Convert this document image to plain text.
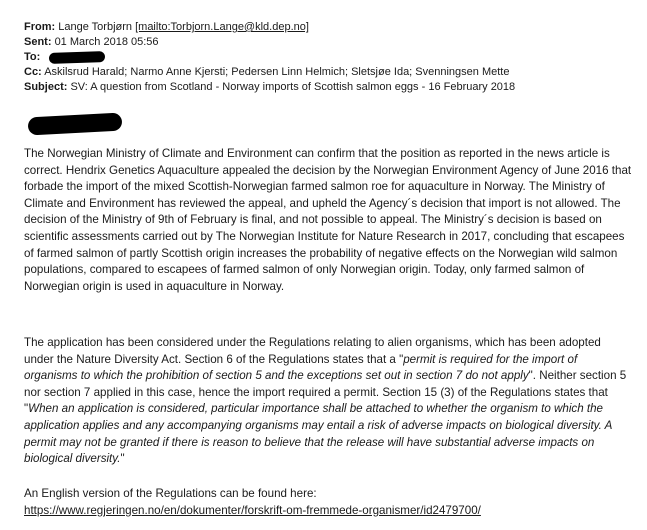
From: Lange Torbjørn [mailto:Torbjorn.Lange@kld.dep.no]
Sent: 01 March 2018 05:56
To:
Cc: Askilsrud Harald; Narmo Anne Kjersti; Pedersen Linn Helmich; Sletsjøe Ida; Svenningsen Mette
Subject: SV: A question from Scotland - Norway imports of Scottish salmon eggs - 16 February 2018

The Norwegian Ministry of Climate and Environment can confirm that the position as reported in the news article is correct. Hendrix Genetics Aquaculture appealed the decision by the Norwegian Environment Agency of June 2016 that forbade the import of the mixed Scottish-Norwegian farmed salmon roe for aquaculture in Norway. The Ministry of Climate and Environment has reviewed the appeal, and upheld the Agency´s decision that import is not allowed. The decision of the Ministry of 9th of February is final, and not possible to appeal. The Ministry´s decision is based on scientific assessments carried out by The Norwegian Institute for Nature Research in 2017, concluding that escapees of farmed salmon of partly Scottish origin increases the probability of negative effects on the Norwegian wild salmon populations, compared to escapees of farmed salmon of only Norwegian origin. Today, only farmed salmon of Norwegian origin is used in aquaculture in Norway.

The application has been considered under the Regulations relating to alien organisms, which has been adopted under the Nature Diversity Act. Section 6 of the Regulations states that a "permit is required for the import of organisms to which the prohibition of section 5 and the exceptions set out in section 7 do not apply". Neither section 5 nor section 7 applied in this case, hence the import required a permit. Section 15 (3) of the Regulations states that "When an application is considered, particular importance shall be attached to whether the organism to which the application applies and any accompanying organisms may entail a risk of adverse impacts on biological diversity. A permit may not be granted if there is reason to believe that the release will have substantial adverse impacts on biological diversity."

An English version of the Regulations can be found here:

https://www.regjeringen.no/en/dokumenter/forskrift-om-fremmede-organismer/id2479700/
